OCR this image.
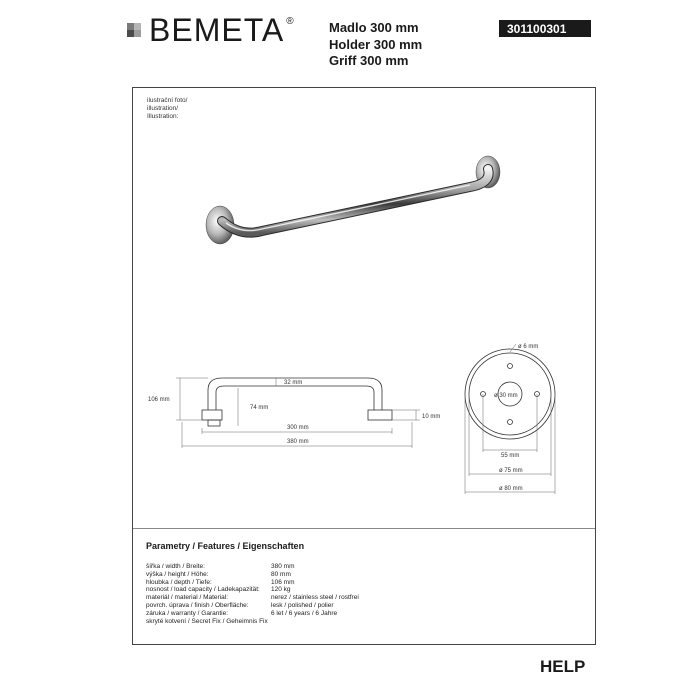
BEMETA ®	Madlo 300 mm
Holder 300 mm
Griff 300 mm
301100301
ilustrační foto/
illustration/
Illustration:
106 mm
32 mm
74 mm
10 mm
300 mm
380 mm
ø 6 mm
ø 30 mm
55 mm
ø 75 mm
ø 80 mm
Parametry / Features / Eigenschaften
šířka / width / Breite:	380 mm
výška / height / Höhe:	80 mm
hloubka / depth / Tiefe:	106 mm
nosnost / load capacity / Ladekapazität:	120 kg
materiál / material / Material:	nerez / stainless steel / rostfrei
povrch. úprava / finish / Oberfläche:	lesk / polished / polier
záruka / warranty / Garantie:	6 let / 6 years / 6 Jahre
skryté kotvení / Secret Fix / Geheimnis Fix
HELP
